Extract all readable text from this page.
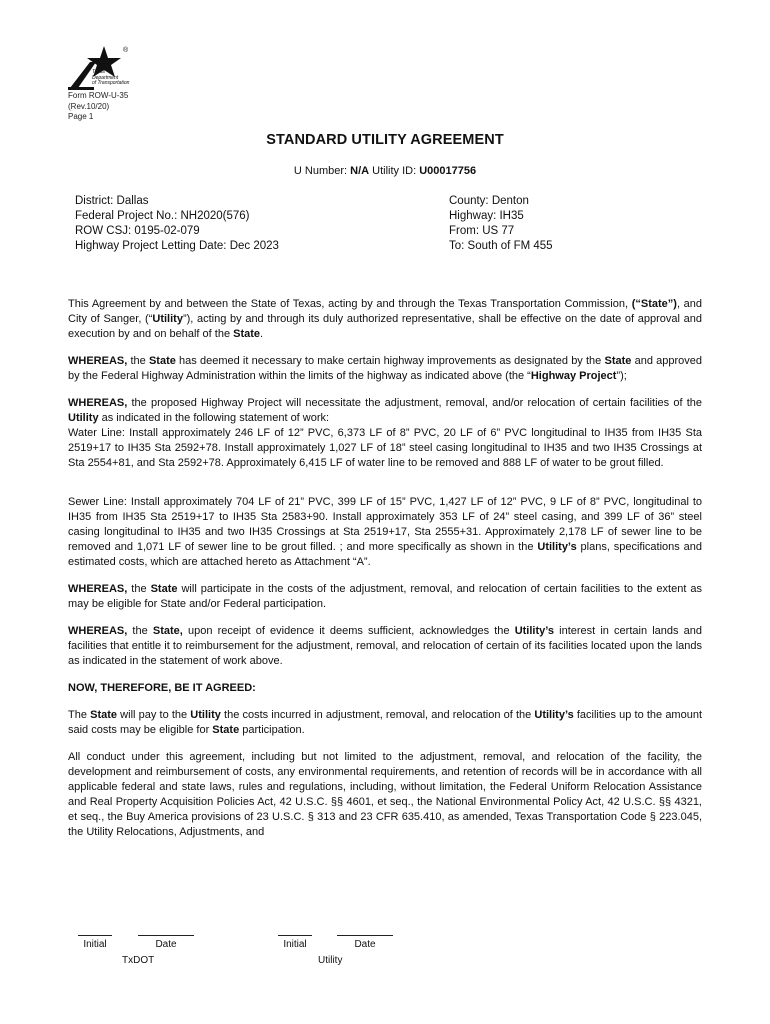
®
Texas
Department
of Transportation
Form ROW-U-35
(Rev.10/20)
Page 1
STANDARD UTILITY AGREEMENT
U Number: N/A Utility ID: U00017756
District: Dallas
Federal Project No.: NH2020(576)
ROW CSJ: 0195-02-079
Highway Project Letting Date: Dec 2023
County: Denton
Highway: IH35
From: US 77
To: South of FM 455

This Agreement by and between the State of Texas, acting by and through the Texas Transportation Commission, (“State”), and City of Sanger, (“Utility”), acting by and through its duly authorized representative, shall be effective on the date of approval and execution by and on behalf of the State.

WHEREAS, the State has deemed it necessary to make certain highway improvements as designated by the State and approved by the Federal Highway Administration within the limits of the highway as indicated above (the “Highway Project”);

WHEREAS, the proposed Highway Project will necessitate the adjustment, removal, and/or relocation of certain facilities of the Utility as indicated in the following statement of work:
Water Line: Install approximately 246 LF of 12” PVC, 6,373 LF of 8” PVC, 20 LF of 6” PVC longitudinal to IH35 from IH35 Sta 2519+17 to IH35 Sta 2592+78. Install approximately 1,027 LF of 18” steel casing longitudinal to IH35 and two IH35 Crossings at Sta 2554+81, and Sta 2592+78. Approximately 6,415 LF of water line to be removed and 888 LF of water to be grout filled.

Sewer Line: Install approximately 704 LF of 21” PVC, 399 LF of 15” PVC, 1,427 LF of 12” PVC, 9 LF of 8” PVC, longitudinal to IH35 from IH35 Sta 2519+17 to IH35 Sta 2583+90. Install approximately 353 LF of 24” steel casing, and 399 LF of 36” steel casing longitudinal to IH35 and two IH35 Crossings at Sta 2519+17, Sta 2555+31. Approximately 2,178 LF of sewer line to be removed and 1,071 LF of sewer line to be grout filled. ; and more specifically as shown in the Utility’s plans, specifications and estimated costs, which are attached hereto as Attachment “A”.

WHEREAS, the State will participate in the costs of the adjustment, removal, and relocation of certain facilities to the extent as may be eligible for State and/or Federal participation.

WHEREAS, the State, upon receipt of evidence it deems sufficient, acknowledges the Utility’s interest in certain lands and facilities that entitle it to reimbursement for the adjustment, removal, and relocation of certain of its facilities located upon the lands as indicated in the statement of work above.

NOW, THEREFORE, BE IT AGREED:

The State will pay to the Utility the costs incurred in adjustment, removal, and relocation of the Utility’s facilities up to the amount said costs may be eligible for State participation.

All conduct under this agreement, including but not limited to the adjustment, removal, and relocation of the facility, the development and reimbursement of costs, any environmental requirements, and retention of records will be in accordance with all applicable federal and state laws, rules and regulations, including, without limitation, the Federal Uniform Relocation Assistance and Real Property Acquisition Policies Act, 42 U.S.C. §§ 4601, et seq., the National Environmental Policy Act, 42 U.S.C. §§ 4321, et seq., the Buy America provisions of 23 U.S.C. § 313 and 23 CFR 635.410, as amended, Texas Transportation Code § 223.045, the Utility Relocations, Adjustments, and

Initial	Date
TxDOT
Initial	Date
Utility
